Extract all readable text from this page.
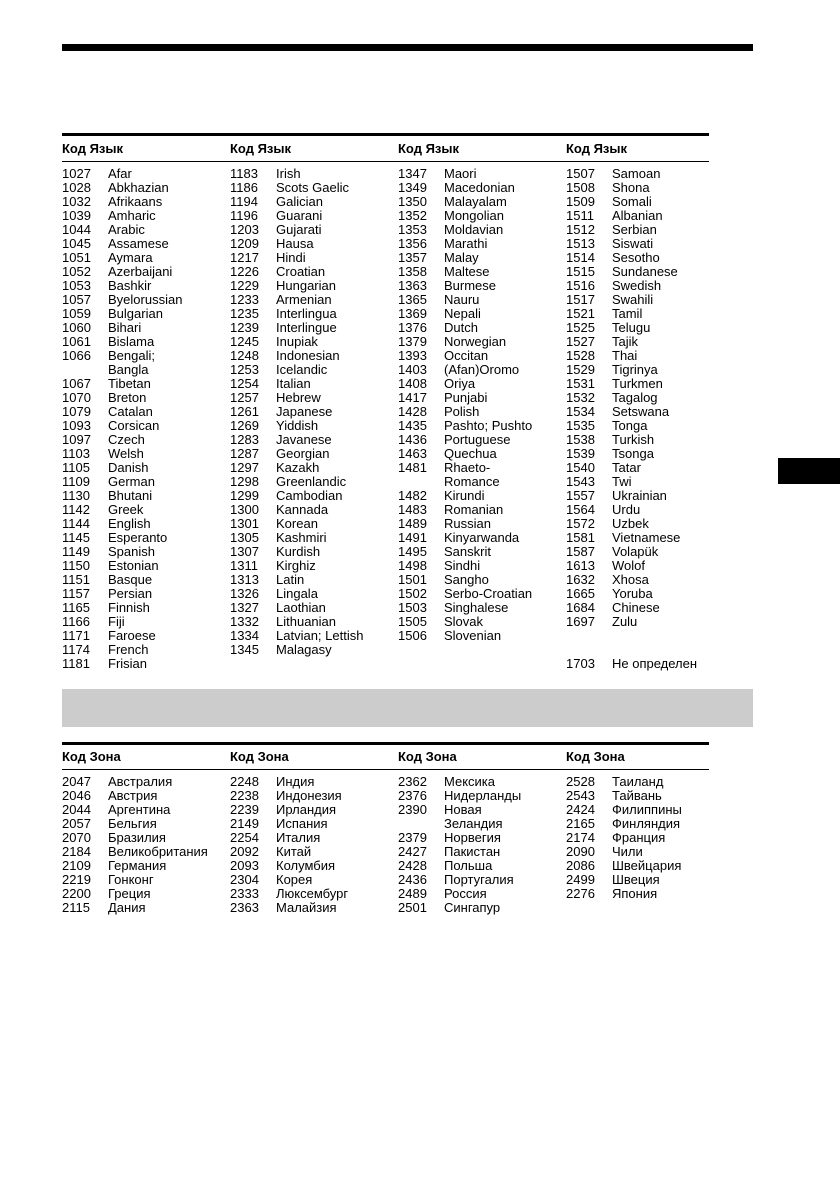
Код Язык	Код Язык	Код Язык	Код Язык
1027 Afar
1028 Abkhazian
1032 Afrikaans
1039 Amharic
1044 Arabic
1045 Assamese
1051 Aymara
1052 Azerbaijani
1053 Bashkir
1057 Byelorussian
1059 Bulgarian
1060 Bihari
1061 Bislama
1066 Bengali;
Bangla
1067 Tibetan
1070 Breton
1079 Catalan
1093 Corsican
1097 Czech
1103 Welsh
1105 Danish
1109 German
1130 Bhutani
1142 Greek
1144 English
1145 Esperanto
1149 Spanish
1150 Estonian
1151 Basque
1157 Persian
1165 Finnish
1166 Fiji
1171 Faroese
1174 French
1181 Frisian
1183 Irish
1186 Scots Gaelic
1194 Galician
1196 Guarani
1203 Gujarati
1209 Hausa
1217 Hindi
1226 Croatian
1229 Hungarian
1233 Armenian
1235 Interlingua
1239 Interlingue
1245 Inupiak
1248 Indonesian
1253 Icelandic
1254 Italian
1257 Hebrew
1261 Japanese
1269 Yiddish
1283 Javanese
1287 Georgian
1297 Kazakh
1298 Greenlandic
1299 Cambodian
1300 Kannada
1301 Korean
1305 Kashmiri
1307 Kurdish
1311 Kirghiz
1313 Latin
1326 Lingala
1327 Laothian
1332 Lithuanian
1334 Latvian; Lettish
1345 Malagasy
1347 Maori
1349 Macedonian
1350 Malayalam
1352 Mongolian
1353 Moldavian
1356 Marathi
1357 Malay
1358 Maltese
1363 Burmese
1365 Nauru
1369 Nepali
1376 Dutch
1379 Norwegian
1393 Occitan
1403 (Afan)Oromo
1408 Oriya
1417 Punjabi
1428 Polish
1435 Pashto; Pushto
1436 Portuguese
1463 Quechua
1481 Rhaeto-
Romance
1482 Kirundi
1483 Romanian
1489 Russian
1491 Kinyarwanda
1495 Sanskrit
1498 Sindhi
1501 Sangho
1502 Serbo-Croatian
1503 Singhalese
1505 Slovak
1506 Slovenian
1507 Samoan
1508 Shona
1509 Somali
1511 Albanian
1512 Serbian
1513 Siswati
1514 Sesotho
1515 Sundanese
1516 Swedish
1517 Swahili
1521 Tamil
1525 Telugu
1527 Tajik
1528 Thai
1529 Tigrinya
1531 Turkmen
1532 Tagalog
1534 Setswana
1535 Tonga
1538 Turkish
1539 Tsonga
1540 Tatar
1543 Twi
1557 Ukrainian
1564 Urdu
1572 Uzbek
1581 Vietnamese
1587 Volapük
1613 Wolof
1632 Xhosa
1665 Yoruba
1684 Chinese
1697 Zulu
1703 Не определен
Код Зона	Код Зона	Код Зона	Код Зона
2047 Австралия
2046 Австрия
2044 Аргентина
2057 Бельгия
2070 Бразилия
2184 Великобритания
2109 Германия
2219 Гонконг
2200 Греция
2115 Дания
2248 Индия
2238 Индонезия
2239 Ирландия
2149 Испания
2254 Италия
2092 Китай
2093 Колумбия
2304 Корея
2333 Люксембург
2363 Малайзия
2362 Мексика
2376 Нидерланды
2390 Новая
Зеландия
2379 Норвегия
2427 Пакистан
2428 Польша
2436 Португалия
2489 Россия
2501 Сингапур
2528 Таиланд
2543 Тайвань
2424 Филиппины
2165 Финляндия
2174 Франция
2090 Чили
2086 Швейцария
2499 Швеция
2276 Япония
